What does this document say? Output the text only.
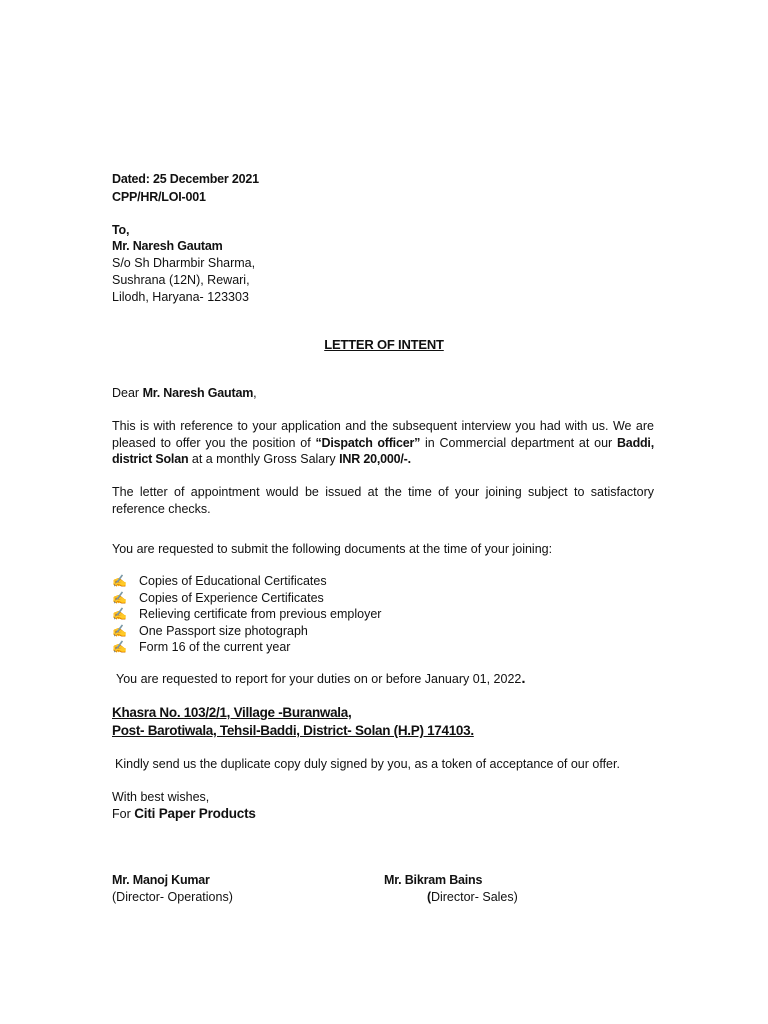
Dated: 25 December 2021
CPP/HR/LOI-001
To,
Mr. Naresh Gautam
S/o Sh Dharmbir Sharma,
Sushrana (12N), Rewari,
Lilodh, Haryana- 123303
LETTER OF INTENT
Dear Mr. Naresh Gautam,
This is with reference to your application and the subsequent interview you had with us. We are pleased to offer you the position of “Dispatch officer” in Commercial department at our Baddi, district Solan at a monthly Gross Salary INR 20,000/-.
The letter of appointment would be issued at the time of your joining subject to satisfactory reference checks.
You are requested to submit the following documents at the time of your joining:
✍ Copies of Educational Certificates
✍ Copies of Experience Certificates
✍ Relieving certificate from previous employer
✍ One Passport size photograph
✍ Form 16 of the current year
You are requested to report for your duties on or before January 01, 2022.
Khasra No. 103/2/1, Village -Buranwala,
Post- Barotiwala, Tehsil-Baddi, District- Solan (H.P) 174103.
Kindly send us the duplicate copy duly signed by you, as a token of acceptance of our offer.
With best wishes,
For Citi Paper Products
Mr. Manoj Kumar
(Director- Operations)
Mr. Bikram Bains
(Director- Sales)
